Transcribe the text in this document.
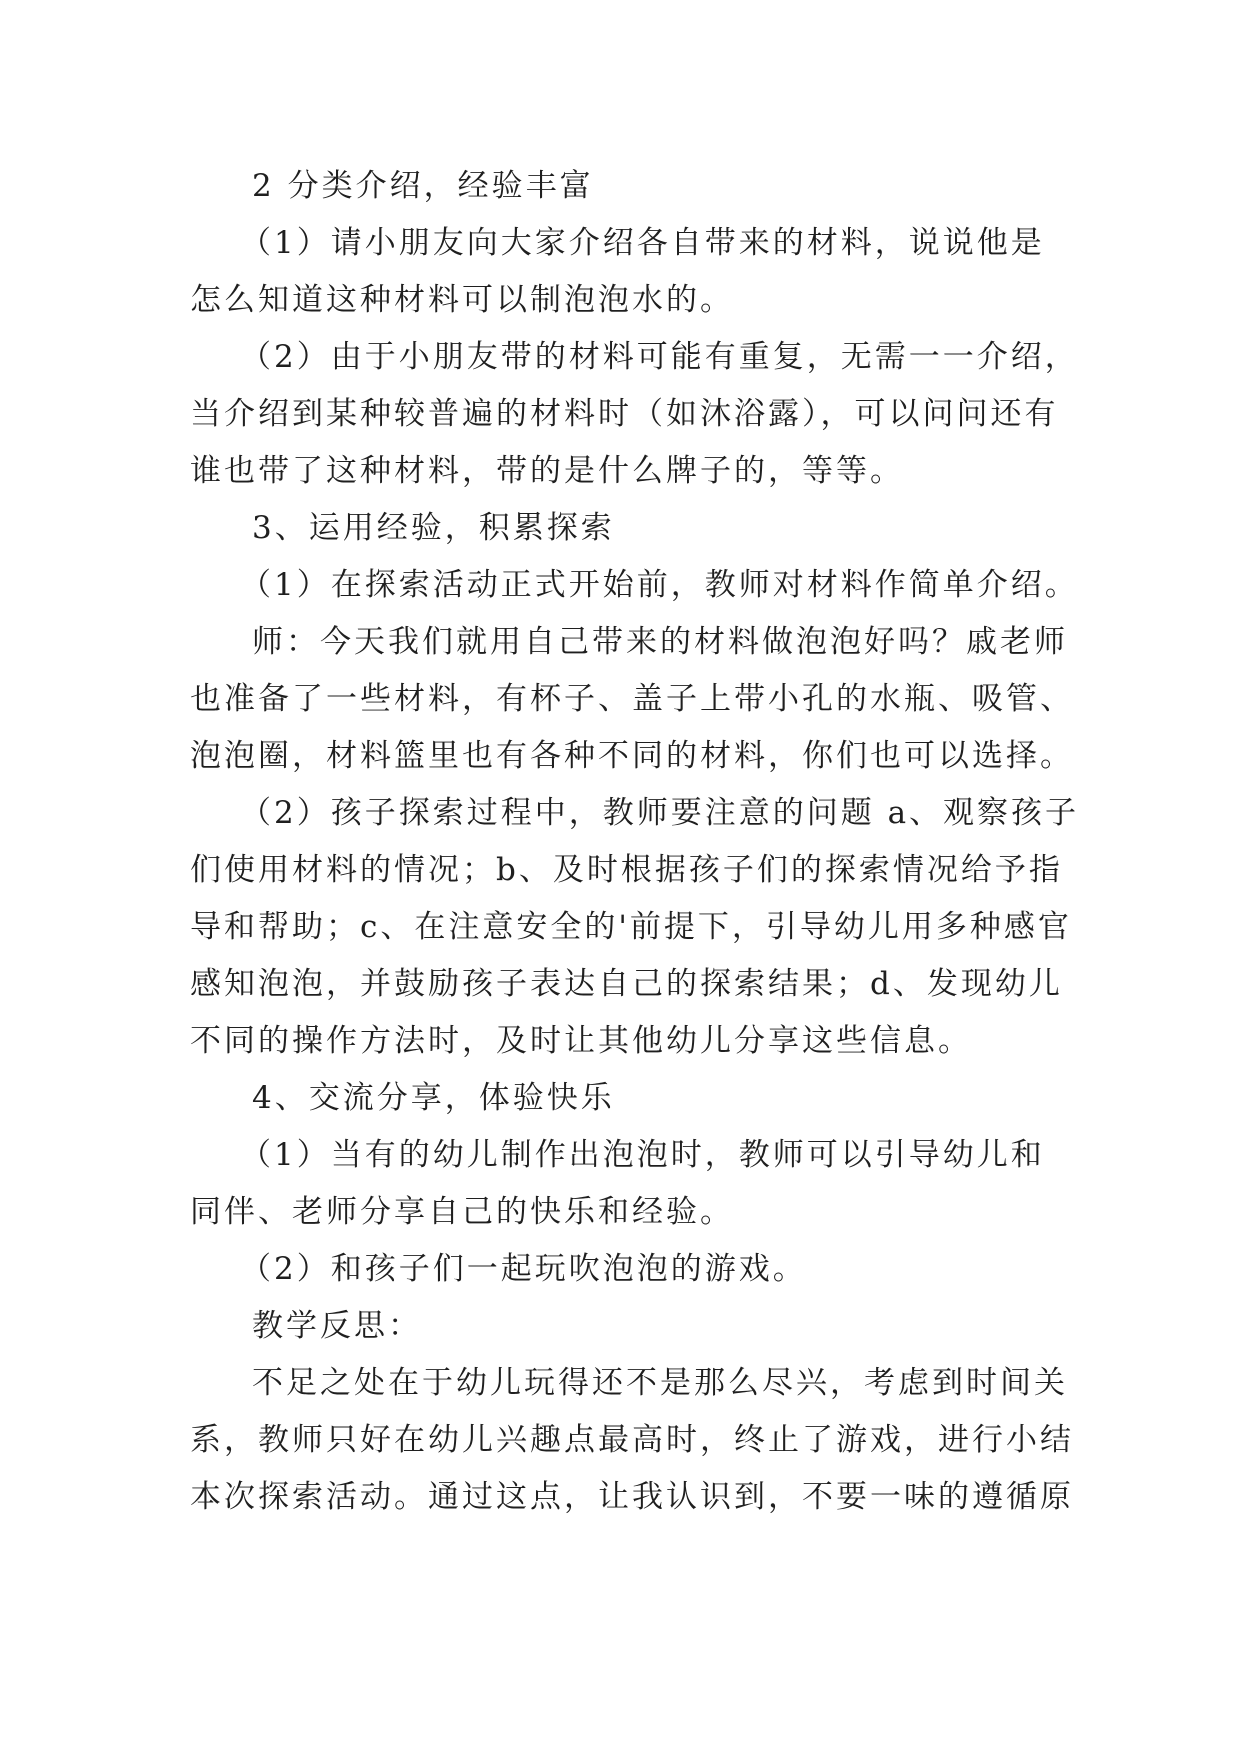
2 分类介绍，经验丰富
（1）请小朋友向大家介绍各自带来的材料，说说他是
怎么知道这种材料可以制泡泡水的。
（2）由于小朋友带的材料可能有重复，无需一一介绍，
当介绍到某种较普遍的材料时（如沐浴露），可以问问还有
谁也带了这种材料，带的是什么牌子的，等等。
3、运用经验，积累探索
（1）在探索活动正式开始前，教师对材料作简单介绍。
师：今天我们就用自己带来的材料做泡泡好吗？戚老师
也准备了一些材料，有杯子、盖子上带小孔的水瓶、吸管、
泡泡圈，材料篮里也有各种不同的材料，你们也可以选择。
（2）孩子探索过程中，教师要注意的问题 a、观察孩子
们使用材料的情况；b、及时根据孩子们的探索情况给予指
导和帮助；c、在注意安全的'前提下，引导幼儿用多种感官
感知泡泡，并鼓励孩子表达自己的探索结果；d、发现幼儿
不同的操作方法时，及时让其他幼儿分享这些信息。
4、交流分享，体验快乐
（1）当有的幼儿制作出泡泡时，教师可以引导幼儿和
同伴、老师分享自己的快乐和经验。
（2）和孩子们一起玩吹泡泡的游戏。
教学反思：
不足之处在于幼儿玩得还不是那么尽兴，考虑到时间关
系，教师只好在幼儿兴趣点最高时，终止了游戏，进行小结
本次探索活动。通过这点，让我认识到，不要一味的遵循原
